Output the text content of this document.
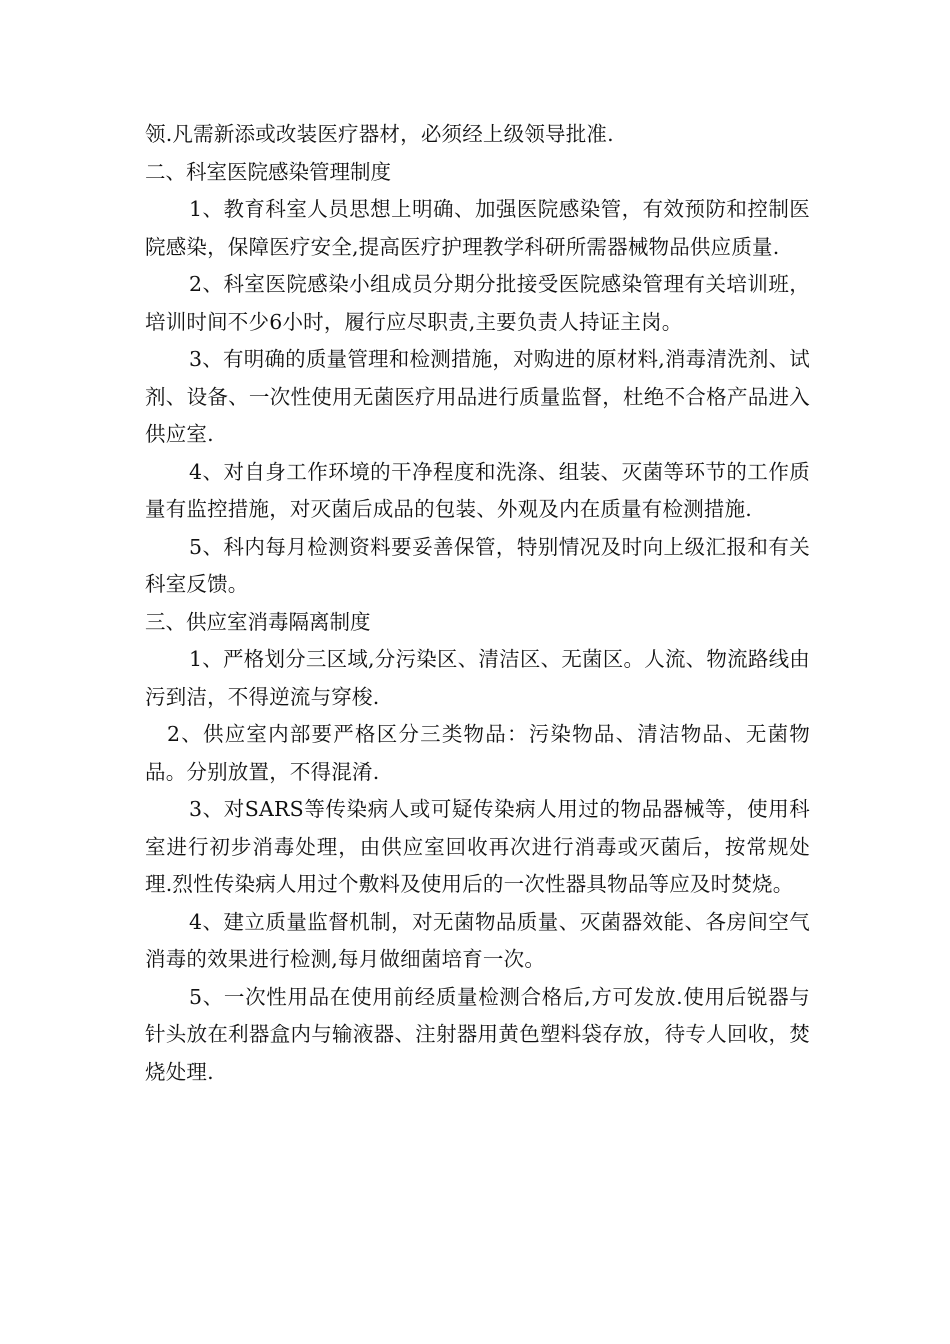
领.凡需新添或改装医疗器材，必须经上级领导批准.

二、科室医院感染管理制度

1、教育科室人员思想上明确、加强医院感染管，有效预防和控制医院感染，保障医疗安全,提高医疗护理教学科研所需器械物品供应质量.

2、科室医院感染小组成员分期分批接受医院感染管理有关培训班，培训时间不少6小时，履行应尽职责,主要负责人持证主岗。

3、有明确的质量管理和检测措施，对购进的原材料,消毒清洗剂、试剂、设备、一次性使用无菌医疗用品进行质量监督，杜绝不合格产品进入供应室.

4、对自身工作环境的干净程度和洗涤、组装、灭菌等环节的工作质量有监控措施，对灭菌后成品的包装、外观及内在质量有检测措施.

5、科内每月检测资料要妥善保管，特别情况及时向上级汇报和有关科室反馈。

三、供应室消毒隔离制度

1、严格划分三区域,分污染区、清洁区、无菌区。人流、物流路线由污到洁，不得逆流与穿梭.

2、供应室内部要严格区分三类物品：污染物品、清洁物品、无菌物品。分别放置，不得混淆.

3、对SARS等传染病人或可疑传染病人用过的物品器械等，使用科室进行初步消毒处理，由供应室回收再次进行消毒或灭菌后，按常规处理.烈性传染病人用过个敷料及使用后的一次性器具物品等应及时焚烧。

4、建立质量监督机制，对无菌物品质量、灭菌器效能、各房间空气消毒的效果进行检测,每月做细菌培育一次。

5、一次性用品在使用前经质量检测合格后,方可发放.使用后锐器与针头放在利器盒内与输液器、注射器用黄色塑料袋存放，待专人回收，焚烧处理.
